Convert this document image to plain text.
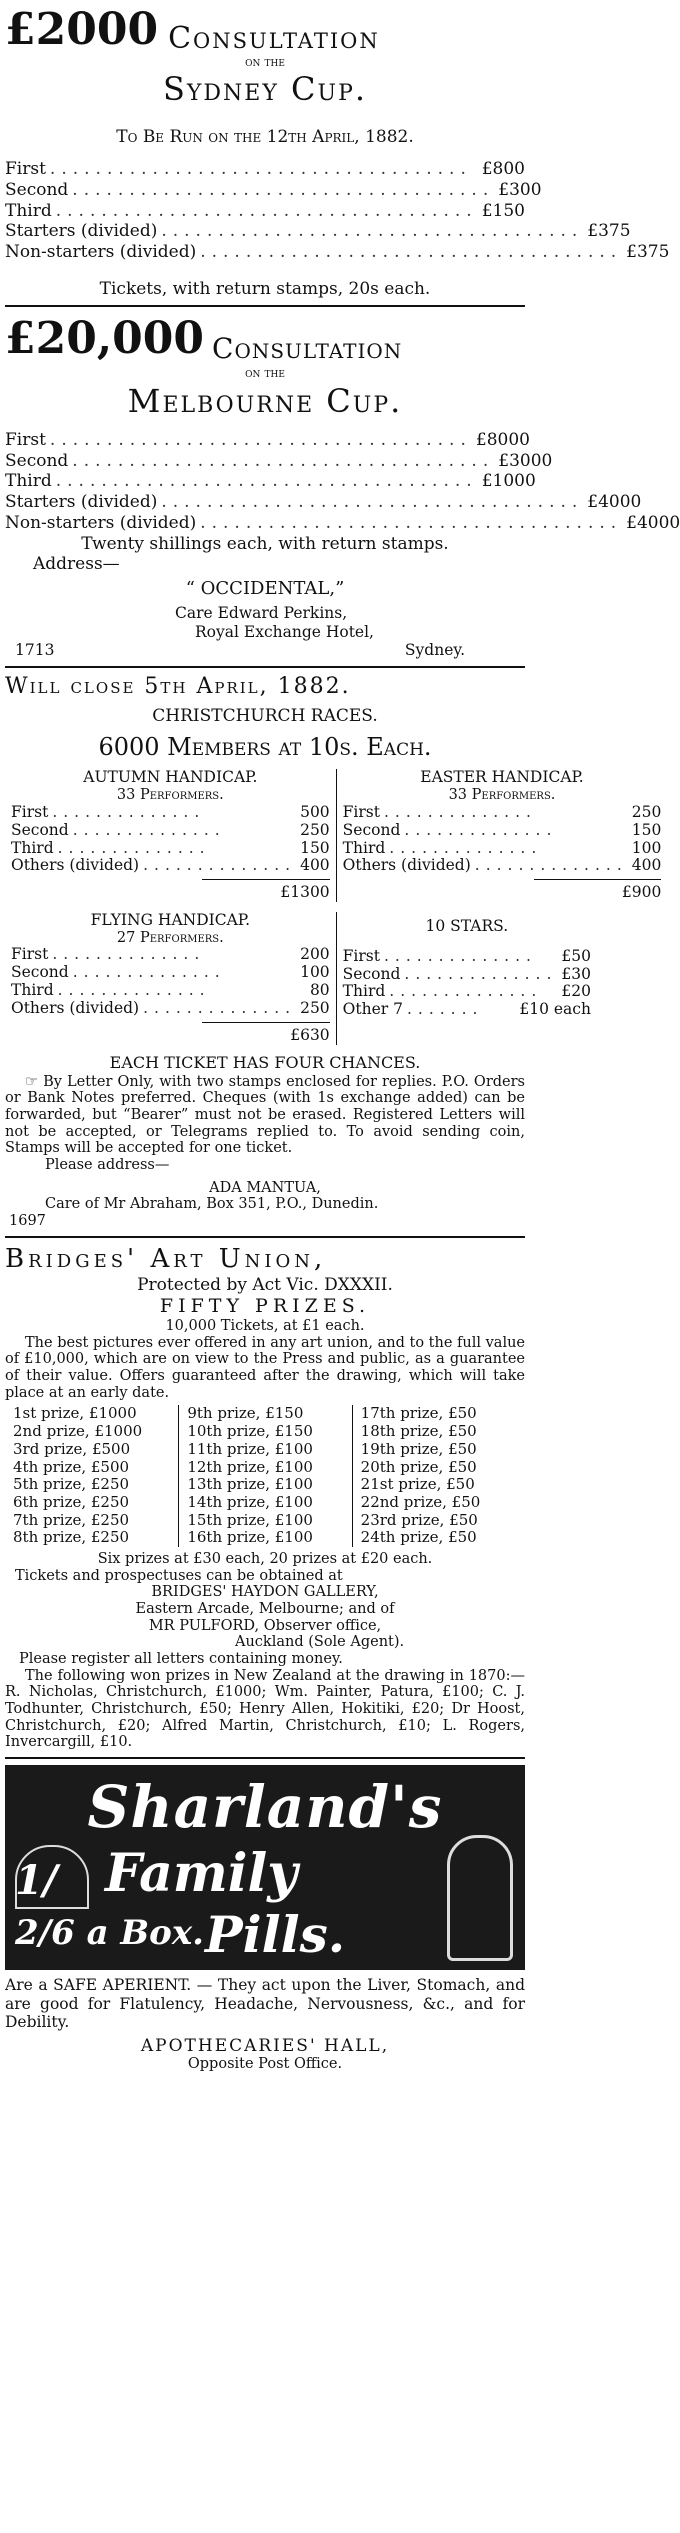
£2000 Consultation
on the
Sydney Cup.
To Be Run on the 12th April, 1882.
First ..................................... £800
Second ..................................... £300
Third ..................................... £150
Starters (divided) ..................................... £375
Non-starters (divided) ..................................... £375
Tickets, with return stamps, 20s each.
£20,000 Consultation
on the
Melbourne Cup.
First ..................................... £8000
Second ..................................... £3000
Third ..................................... £1000
Starters (divided) ..................................... £4000
Non-starters (divided) ..................................... £4000
Twenty shillings each, with return stamps.
Address—
“ OCCIDENTAL,”
Care Edward Perkins,
Royal Exchange Hotel,
1713	Sydney.
Will close 5th April, 1882.
CHRISTCHURCH RACES.
6000 Members at 10s. Each.
AUTUMN HANDICAP.
33 Performers.
First ..............	500
Second ..............	250
Third ..............	150
Others (divided) .............. 400
£1300
EASTER HANDICAP.
33 Performers.
First ..............	250
Second ..............	150
Third ..............	100
Others (divided) .............. 400
£900
FLYING HANDICAP.
27 Performers.
First ..............	200
Second ..............	100
Third ..............	80
Others (divided) .............. 250
£630
10 STARS.
First ..............	£50
Second .............. £30
Third ..............	£20
Other 7 .......	£10 each
EACH TICKET HAS FOUR CHANCES.
☞ By Letter Only, with two stamps enclosed for replies. P.O. Orders or Bank Notes preferred. Cheques (with 1s exchange added) can be forwarded, but “Bearer” must not be erased. Registered Letters will not be accepted, or Telegrams replied to. To avoid sending coin, Stamps will be accepted for one ticket.
Please address—
ADA MANTUA,
Care of Mr Abraham, Box 351, P.O., Dunedin.
1697
Bridges' Art Union,
Protected by Act Vic. DXXXII.
FIFTY PRIZES.
10,000 Tickets, at £1 each.
The best pictures ever offered in any art union, and to the full value of £10,000, which are on view to the Press and public, as a guarantee of their value. Offers guaranteed after the drawing, which will take place at an early date.
1st prize, £1000
2nd prize, £1000
3rd prize, £500
4th prize, £500
5th prize, £250
6th prize, £250
7th prize, £250
8th prize, £250
9th prize, £150
10th prize, £150
11th prize, £100
12th prize, £100
13th prize, £100
14th prize, £100
15th prize, £100
16th prize, £100
17th prize, £50
18th prize, £50
19th prize, £50
20th prize, £50
21st prize, £50
22nd prize, £50
23rd prize, £50
24th prize, £50
Six prizes at £30 each, 20 prizes at £20 each.
Tickets and prospectuses can be obtained at
BRIDGES' HAYDON GALLERY,
Eastern Arcade, Melbourne; and of
MR PULFORD, Observer office,
Auckland (Sole Agent).
Please register all letters containing money.
The following won prizes in New Zealand at the drawing in 1870:—R. Nicholas, Christchurch, £1000; Wm. Painter, Patura, £100; C. J. Todhunter, Christchurch, £50; Henry Allen, Hokitiki, £20; Dr Hoost, Christchurch, £20; Alfred Martin, Christchurch, £10; L. Rogers, Invercargill, £10.
Sharland's
1/ Family
2/6 a Box. Pills.
Are a SAFE APERIENT. — They act upon the Liver, Stomach, and are good for Flatulency, Headache, Nervousness, &c., and for Debility.
APOTHECARIES' HALL,
Opposite Post Office.
